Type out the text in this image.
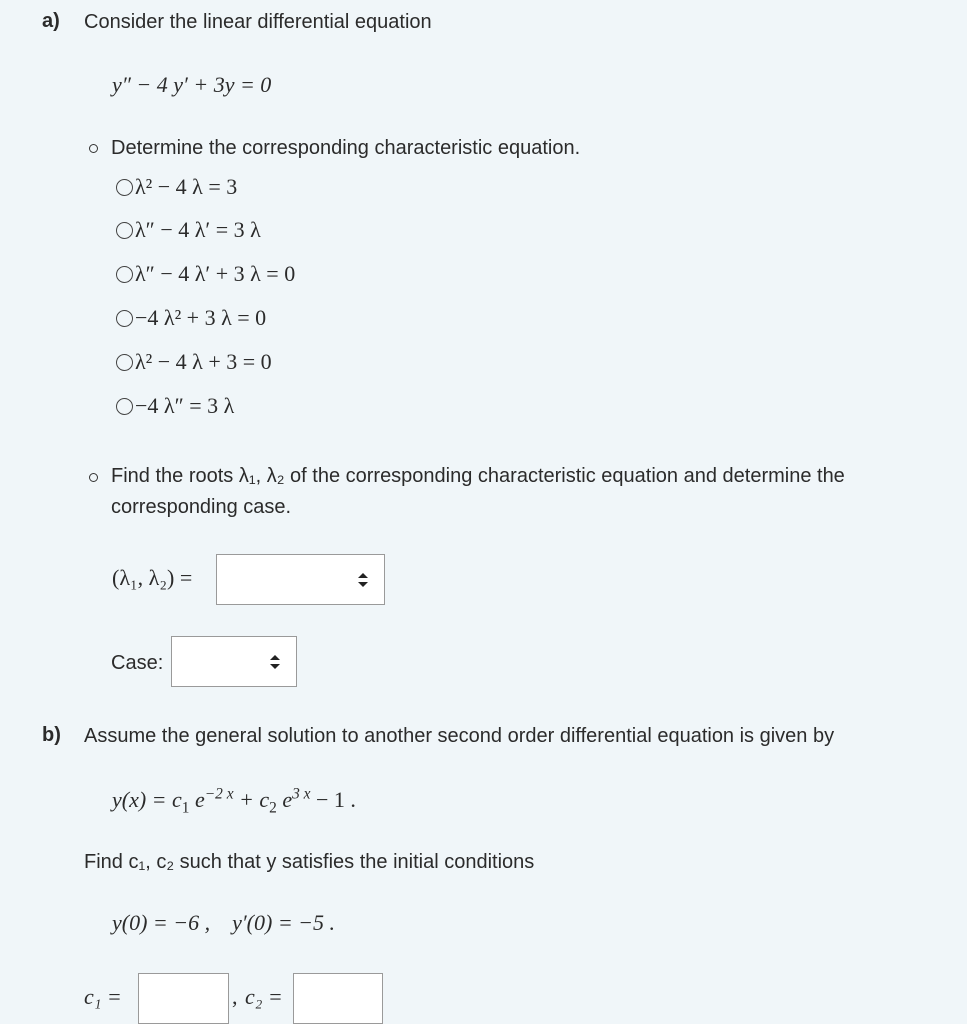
a) Consider the linear differential equation
y″ − 4 y′ + 3y = 0
Determine the corresponding characteristic equation.
λ² − 4 λ = 3
λ″ − 4 λ′ = 3 λ
λ″ − 4 λ′ + 3 λ = 0
−4 λ² + 3 λ = 0
λ² − 4 λ + 3 = 0
−4 λ″ = 3 λ
Find the roots λ₁, λ₂ of the corresponding characteristic equation and determine the
corresponding case.
(λ₁, λ₂) =
Case:
b) Assume the general solution to another second order differential equation is given by
$y(x) = c_1$ $e^{-2 x} + c_2$ $e^{3 x} - 1$ .
Find c₁, c₂ such that y satisfies the initial conditions
y(0) = −6 ,    y′(0) = −5 .
c₁ =	, c₂ =
